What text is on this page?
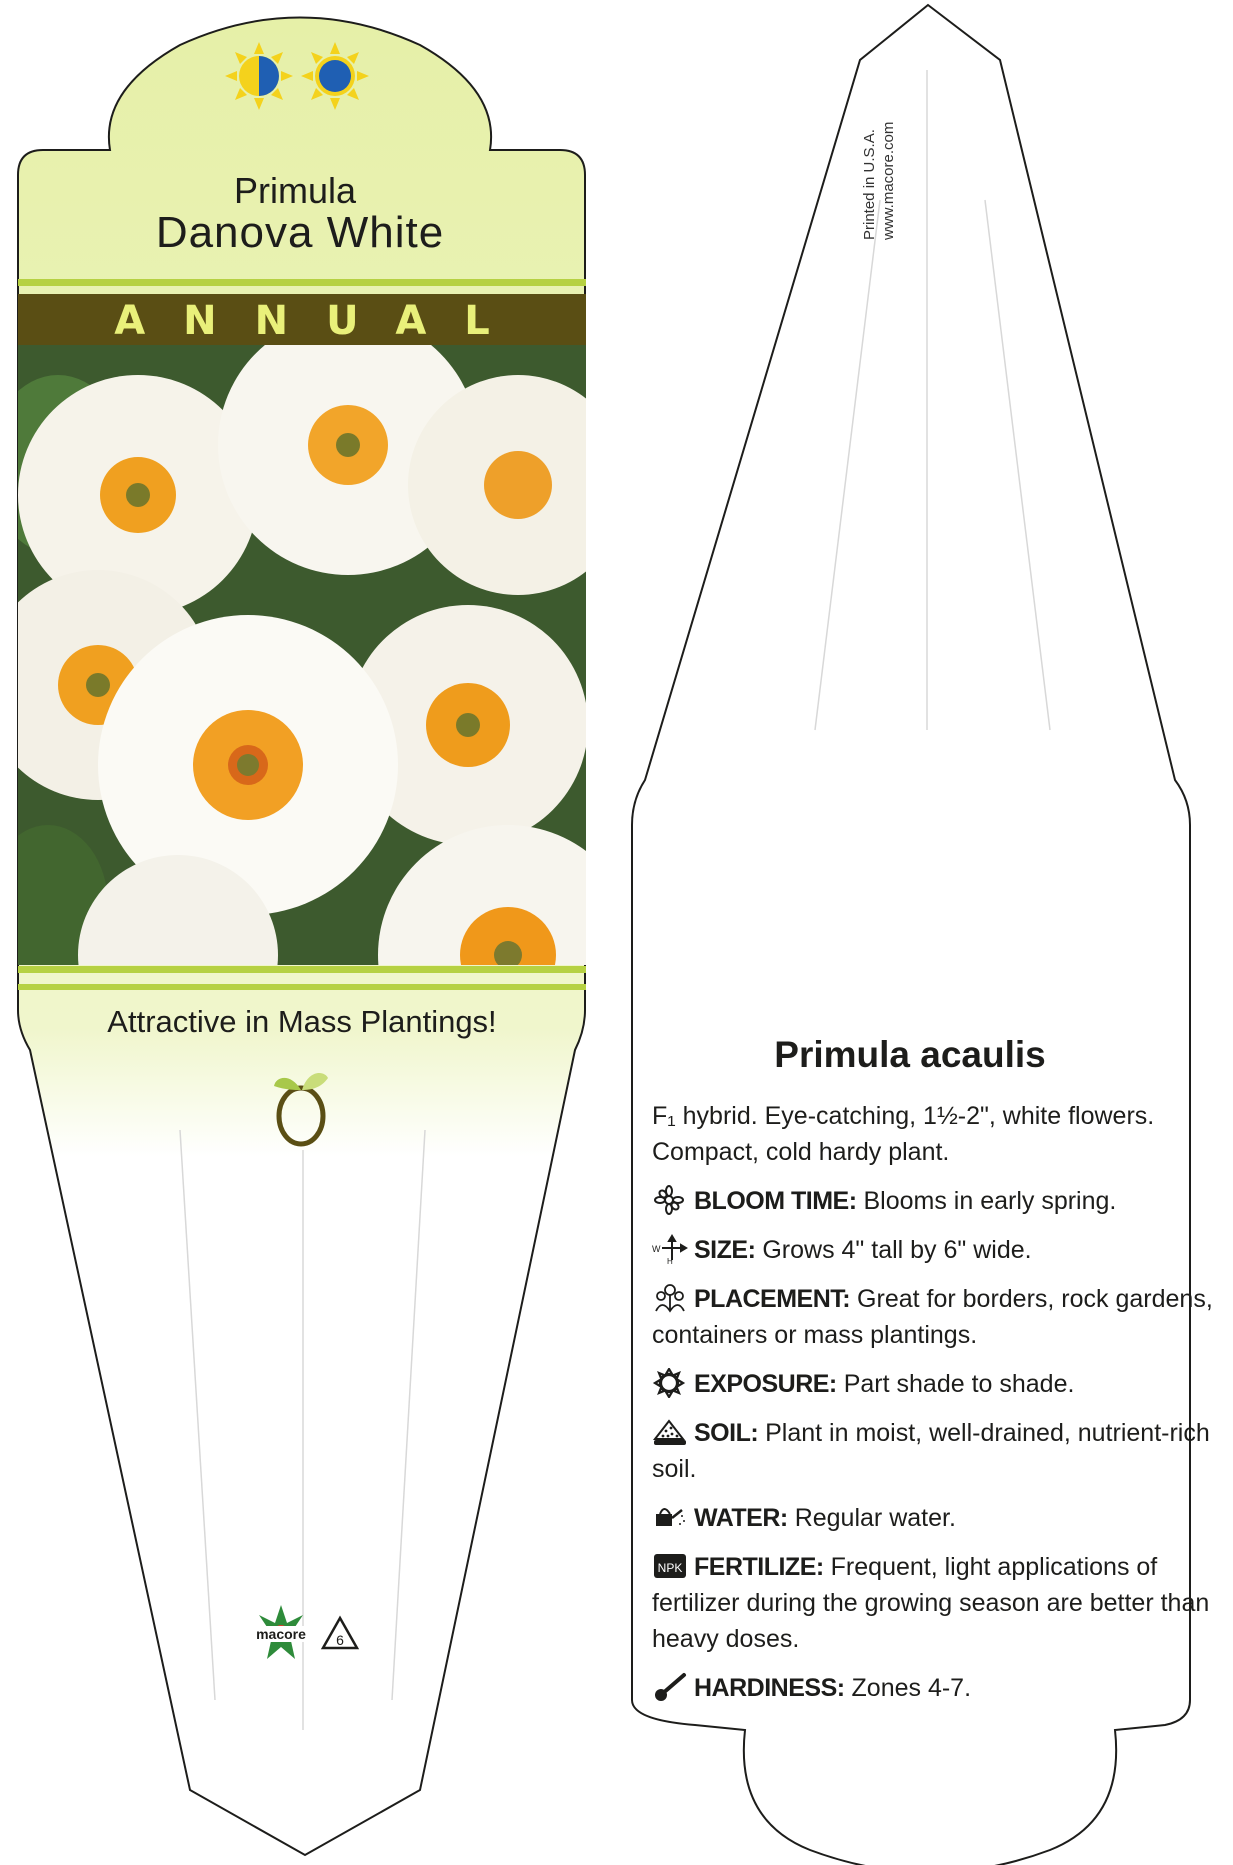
Primula
Danova White
ANNUAL
Attractive in Mass Plantings!
macore 6
Printed in U.S.A. www.macore.com
Primula acaulis

F₁ hybrid. Eye-catching, 1½-2", white flowers. Compact, cold hardy plant.

BLOOM TIME: Blooms in early spring.

W
H SIZE: Grows 4" tall by 6" wide.

PLACEMENT: Great for borders, rock gardens, containers or mass plantings.

EXPOSURE: Part shade to shade.

SOIL: Plant in moist, well-drained, nutrient-rich soil.

WATER: Regular water.

NPK FERTILIZE: Frequent, light applications of fertilizer during the growing season are better than heavy doses.

HARDINESS: Zones 4-7.
